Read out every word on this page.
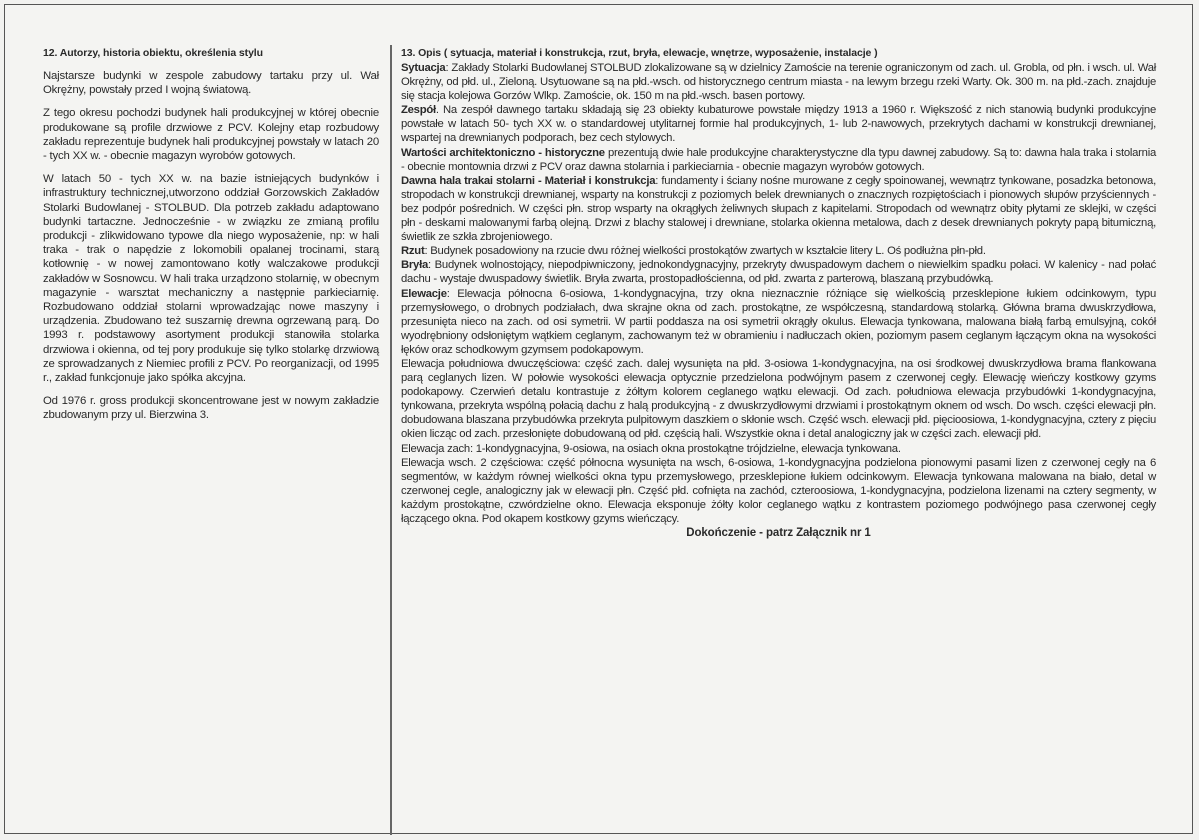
12. Autorzy, historia obiektu, określenia stylu

Najstarsze budynki w zespole zabudowy tartaku przy ul. Wał Okrężny, powstały przed I wojną światową.

Z tego okresu pochodzi budynek hali produkcyjnej w której obecnie produkowane są profile drzwiowe z PCV. Kolejny etap rozbudowy zakładu reprezentuje budynek hali produkcyjnej powstały w latach 20 - tych XX w. - obecnie magazyn wyrobów gotowych.

W latach 50 - tych XX w. na bazie istniejących budynków i infrastruktury technicznej,utworzono oddział Gorzowskich Zakładów Stolarki Budowlanej - STOLBUD. Dla potrzeb zakładu adaptowano budynki tartaczne. Jednocześnie - w związku ze zmianą profilu produkcji - zlikwidowano typowe dla niego wyposażenie, np: w hali traka - trak o napędzie z lokomobili opalanej trocinami, starą kotłownię - w nowej zamontowano kotły walczakowe produkcji zakładów w Sosnowcu. W hali traka urządzono stolarnię, w obecnym magazynie - warsztat mechaniczny a następnie parkieciarnię. Rozbudowano oddział stolarni wprowadzając nowe maszyny i urządzenia. Zbudowano też suszarnię drewna ogrzewaną parą. Do 1993 r. podstawowy asortyment produkcji stanowiła stolarka drzwiowa i okienna, od tej pory produkuje się tylko stolarkę drzwiową ze sprowadzanych z Niemiec profili z PCV. Po reorganizacji, od 1995 r., zakład funkcjonuje jako spółka akcyjna.

Od 1976 r. gross produkcji skoncentrowane jest w nowym zakładzie zbudowanym przy ul. Bierzwina 3.

13. Opis ( sytuacja, materiał i konstrukcja, rzut, bryła, elewacje, wnętrze, wyposażenie, instalacje )

Sytuacja: Zakłady Stolarki Budowlanej STOLBUD zlokalizowane są w dzielnicy Zamoście na terenie ograniczonym od zach. ul. Grobla, od płn. i wsch. ul. Wał Okrężny, od płd. ul., Zieloną. Usytuowane są na płd.-wsch. od historycznego centrum miasta - na lewym brzegu rzeki Warty. Ok. 300 m. na płd.-zach. znajduje się stacja kolejowa Gorzów Wlkp. Zamoście, ok. 150 m na płd.-wsch. basen portowy.

Zespół. Na zespół dawnego tartaku składają się 23 obiekty kubaturowe powstałe między 1913 a 1960 r. Większość z nich stanowią budynki produkcyjne powstałe w latach 50- tych XX w. o standardowej utylitarnej formie hal produkcyjnych, 1- lub 2-nawowych, przekrytych dachami w konstrukcji drewnianej, wspartej na drewnianych podporach, bez cech stylowych.

Wartości architektoniczno - historyczne prezentują dwie hale produkcyjne charakterystyczne dla typu dawnej zabudowy. Są to: dawna hala traka i stolarnia - obecnie montownia drzwi z PCV oraz dawna stolarnia i parkieciarnia - obecnie magazyn wyrobów gotowych.

Dawna hala trakai stolarni - Materiał i konstrukcja: fundamenty i ściany nośne murowane z cegły spoinowanej, wewnątrz tynkowane, posadzka betonowa, stropodach w konstrukcji drewnianej, wsparty na konstrukcji z poziomych belek drewnianych o znacznych rozpiętościach i pionowych słupów przyściennych - bez podpór pośrednich. W części płn. strop wsparty na okrągłych żeliwnych słupach z kapitelami. Stropodach od wewnątrz obity płytami ze sklejki, w części płn - deskami malowanymi farbą olejną. Drzwi z blachy stalowej i drewniane, stolarka okienna metalowa, dach z desek drewnianych pokryty papą bitumiczną, świetlik ze szkła zbrojeniowego.

Rzut: Budynek posadowiony na rzucie dwu różnej wielkości prostokątów zwartych w kształcie litery L. Oś podłużna płn-płd.

Bryła: Budynek wolnostojący, niepodpiwniczony, jednokondygnacyjny, przekryty dwuspadowym dachem o niewielkim spadku połaci. W kalenicy - nad połać dachu - wystaje dwuspadowy świetlik. Bryła zwarta, prostopadłościenna, od płd. zwarta z parterową, blaszaną przybudówką.

Elewacje: Elewacja północna 6-osiowa, 1-kondygnacyjna, trzy okna nieznacznie różniące się wielkością przesklepione łukiem odcinkowym, typu przemysłowego, o drobnych podziałach, dwa skrajne okna od zach. prostokątne, ze współczesną, standardową stolarką. Główna brama dwuskrzydłowa, przesunięta nieco na zach. od osi symetrii. W partii poddasza na osi symetrii okrągły okulus. Elewacja tynkowana, malowana białą farbą emulsyjną, cokół wyodrębniony odsłoniętym wątkiem ceglanym, zachowanym też w obramieniu i nadłuczach okien, poziomym pasem ceglanym łączącym okna na wysokości łęków oraz schodkowym gzymsem podokapowym.

Elewacja południowa dwuczęściowa: część zach. dalej wysunięta na płd. 3-osiowa 1-kondygnacyjna, na osi środkowej dwuskrzydłowa brama flankowana parą ceglanych lizen. W połowie wysokości elewacja optycznie przedzielona podwójnym pasem z czerwonej cegły. Elewację wieńczy kostkowy gzyms podokapowy. Czerwień detalu kontrastuje z żółtym kolorem ceglanego wątku elewacji. Od zach. południowa elewacja przybudówki 1-kondygnacyjna, tynkowana, przekryta wspólną połacią dachu z halą produkcyjną - z dwuskrzydłowymi drzwiami i prostokątnym oknem od wsch. Do wsch. części elewacji płn. dobudowana blaszana przybudówka przekryta pulpitowym daszkiem o skłonie wsch. Część wsch. elewacji płd. pięcioosiowa, 1-kondygnacyjna, cztery z pięciu okien licząc od zach. przesłonięte dobudowaną od płd. częścią hali. Wszystkie okna i detal analogiczny jak w części zach. elewacji płd.

Elewacja zach: 1-kondygnacyjna, 9-osiowa, na osiach okna prostokątne trójdzielne, elewacja tynkowana.

Elewacja wsch. 2 częściowa: część północna wysunięta na wsch, 6-osiowa, 1-kondygnacyjna podzielona pionowymi pasami lizen z czerwonej cegły na 6 segmentów, w każdym równej wielkości okna typu przemysłowego, przesklepione łukiem odcinkowym. Elewacja tynkowana malowana na biało, detal w czerwonej cegle, analogiczny jak w elewacji płn. Część płd. cofnięta na zachód, czteroosiowa, 1-kondygnacyjna, podzielona lizenami na cztery segmenty, w każdym prostokątne, czwórdzielne okno. Elewacja eksponuje żółty kolor ceglanego wątku z kontrastem poziomego podwójnego pasa czerwonej cegły łączącego okna. Pod okapem kostkowy gzyms wieńczący.

Dokończenie - patrz Załącznik nr 1
